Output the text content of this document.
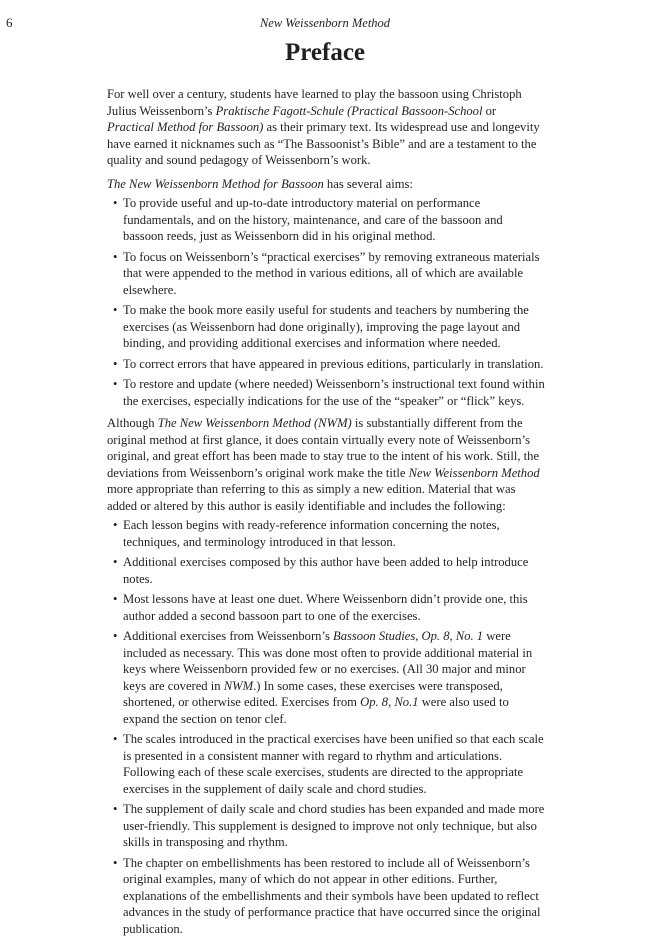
6	New Weissenborn Method
Preface

For well over a century, students have learned to play the bassoon using Christoph Julius Weissenborn’s Praktische Fagott-Schule (Practical Bassoon-School or Practical Method for Bassoon) as their primary text. Its widespread use and longevity have earned it nicknames such as “The Bassoonist’s Bible” and are a testament to the quality and sound pedagogy of Weissenborn’s work.

The New Weissenborn Method for Bassoon has several aims:

• To provide useful and up-to-date introductory material on performance fundamentals, and on the history, maintenance, and care of the bassoon and bassoon reeds, just as Weissenborn did in his original method.
• To focus on Weissenborn’s “practical exercises” by removing extraneous materials that were appended to the method in various editions, all of which are available elsewhere.
• To make the book more easily useful for students and teachers by numbering the exercises (as Weissenborn had done originally), improving the page layout and binding, and providing additional exercises and information where needed.
• To correct errors that have appeared in previous editions, particularly in translation.
• To restore and update (where needed) Weissenborn’s instructional text found within the exercises, especially indications for the use of the “speaker” or “flick” keys.

Although The New Weissenborn Method (NWM) is substantially different from the original method at first glance, it does contain virtually every note of Weissenborn’s original, and great effort has been made to stay true to the intent of his work. Still, the deviations from Weissenborn’s original work make the title New Weissenborn Method more appropriate than referring to this as simply a new edition. Material that was added or altered by this author is easily identifiable and includes the following:

• Each lesson begins with ready-reference information concerning the notes, techniques, and terminology introduced in that lesson.
• Additional exercises composed by this author have been added to help introduce notes.
• Most lessons have at least one duet. Where Weissenborn didn’t provide one, this author added a second bassoon part to one of the exercises.
• Additional exercises from Weissenborn’s Bassoon Studies, Op. 8, No. 1 were included as necessary. This was done most often to provide additional material in keys where Weissenborn provided few or no exercises. (All 30 major and minor keys are covered in NWM.) In some cases, these exercises were transposed, shortened, or otherwise edited. Exercises from Op. 8, No.1 were also used to expand the section on tenor clef.
• The scales introduced in the practical exercises have been unified so that each scale is presented in a consistent manner with regard to rhythm and articulations. Following each of these scale exercises, students are directed to the appropriate exercises in the supplement of daily scale and chord studies.
• The supplement of daily scale and chord studies has been expanded and made more user-friendly. This supplement is designed to improve not only technique, but also skills in transposing and rhythm.
• The chapter on embellishments has been restored to include all of Weissenborn’s original examples, many of which do not appear in other editions. Further, explanations of the embellishments and their symbols have been updated to reflect advances in the study of performance practice that have occurred since the original publication.
